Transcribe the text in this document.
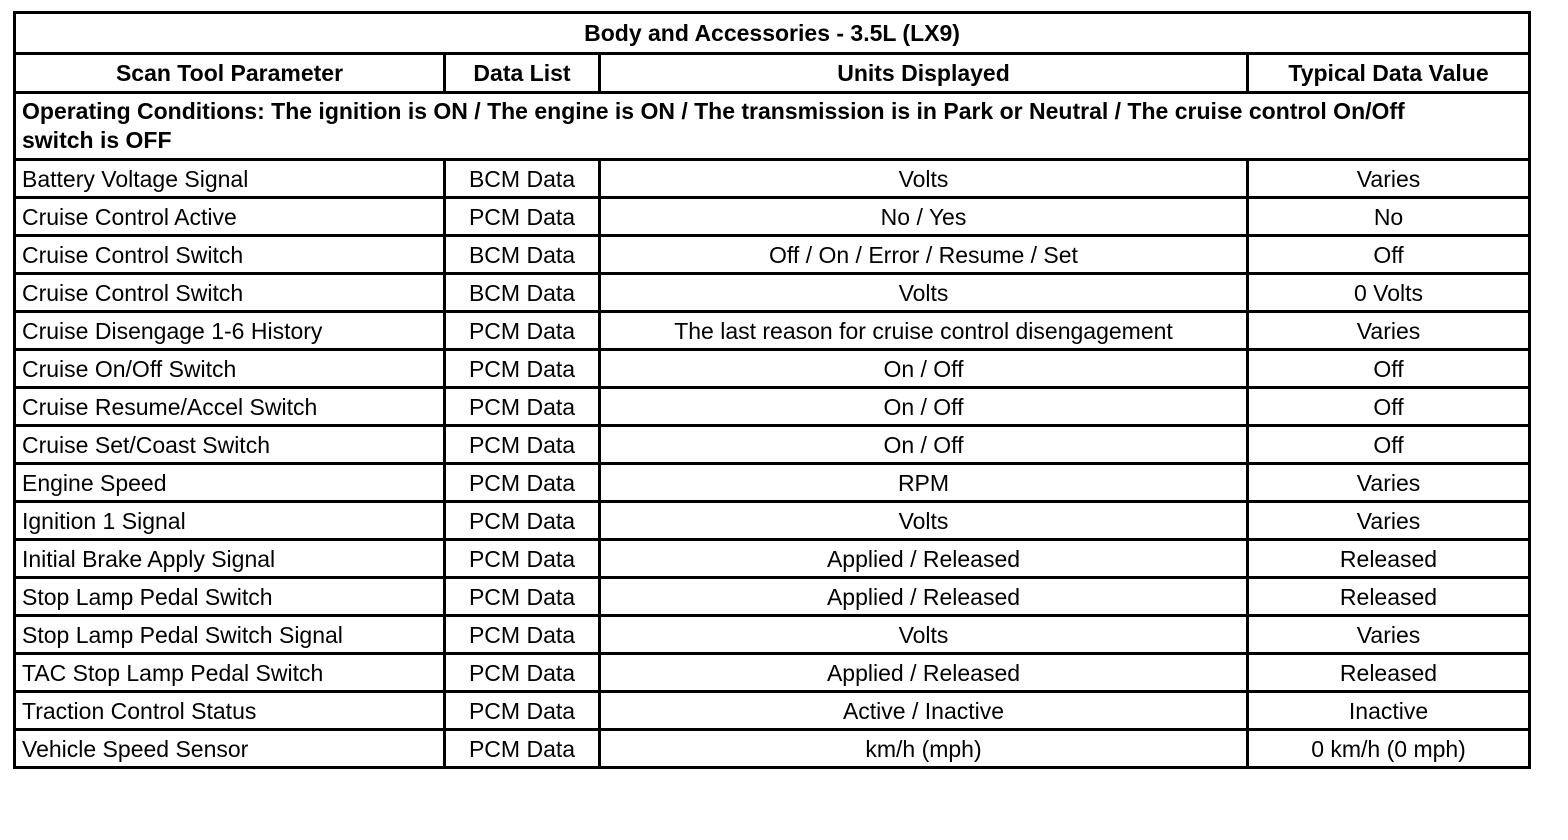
Body and Accessories - 3.5L (LX9)			
Scan Tool Parameter	Data List	Units Displayed	Typical Data Value
Operating Conditions: The ignition is ON / The engine is ON / The transmission is in Park or Neutral / The cruise control On/Off switch is OFF			
Battery Voltage Signal	BCM Data	Volts	Varies
Cruise Control Active	PCM Data	No / Yes	No
Cruise Control Switch	BCM Data	Off / On / Error / Resume / Set	Off
Cruise Control Switch	BCM Data	Volts	0 Volts
Cruise Disengage 1-6 History	PCM Data	The last reason for cruise control disengagement	Varies
Cruise On/Off Switch	PCM Data	On / Off	Off
Cruise Resume/Accel Switch	PCM Data	On / Off	Off
Cruise Set/Coast Switch	PCM Data	On / Off	Off
Engine Speed	PCM Data	RPM	Varies
Ignition 1 Signal	PCM Data	Volts	Varies
Initial Brake Apply Signal	PCM Data	Applied / Released	Released
Stop Lamp Pedal Switch	PCM Data	Applied / Released	Released
Stop Lamp Pedal Switch Signal	PCM Data	Volts	Varies
TAC Stop Lamp Pedal Switch	PCM Data	Applied / Released	Released
Traction Control Status	PCM Data	Active / Inactive	Inactive
Vehicle Speed Sensor	PCM Data	km/h (mph)	0 km/h (0 mph)
